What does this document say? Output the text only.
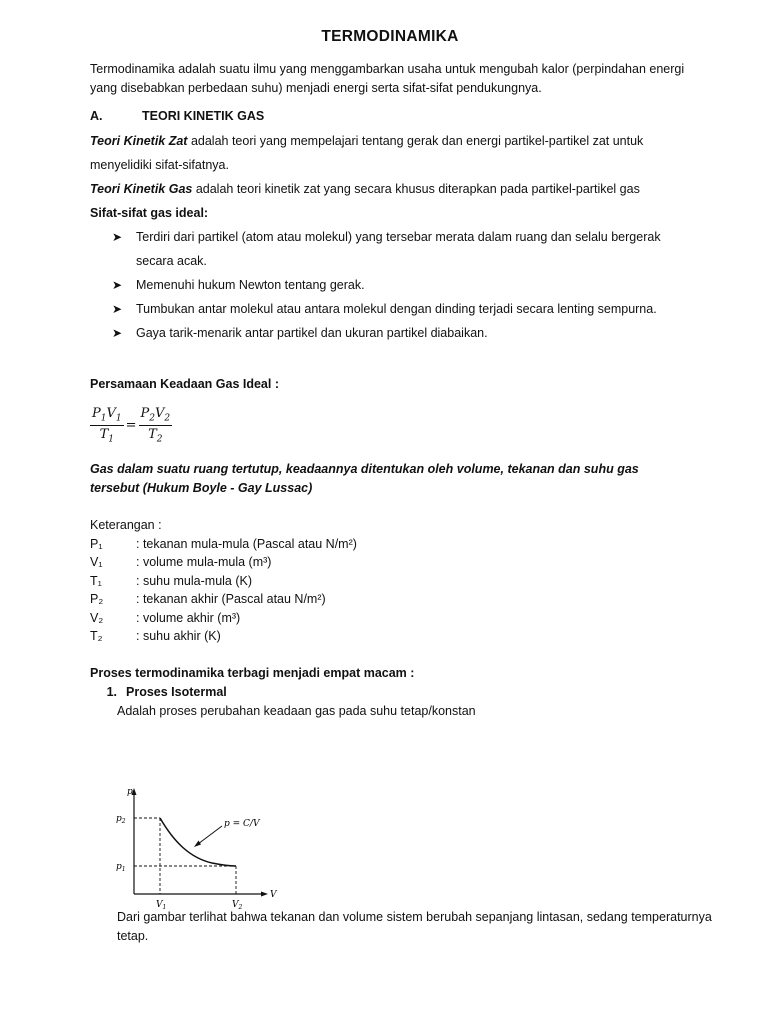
TERMODINAMIKA

Termodinamika adalah suatu ilmu yang menggambarkan usaha untuk mengubah kalor (perpindahan energi yang disebabkan perbedaan suhu) menjadi energi serta sifat-sifat pendukungnya.

A.	TEORI KINETIK GAS

Teori Kinetik Zat adalah teori yang mempelajari tentang gerak dan energi partikel-partikel zat untuk menyelidiki sifat-sifatnya.

Teori Kinetik Gas adalah teori kinetik zat yang secara khusus diterapkan pada partikel-partikel gas

Sifat-sifat gas ideal:

➤ Terdiri dari partikel (atom atau molekul) yang tersebar merata dalam ruang dan selalu bergerak secara acak.
➤ Memenuhi hukum Newton tentang gerak.
➤ Tumbukan antar molekul atau antara molekul dengan dinding terjadi secara lenting sempurna.
➤ Gaya tarik-menarik antar partikel dan ukuran partikel diabaikan.

Persamaan Keadaan Gas Ideal :

$\frac{P_1V_1}{T_1} = \frac{P_2V_2}{T_2}$

Gas dalam suatu ruang tertutup, keadaannya ditentukan oleh volume, tekanan dan suhu gas tersebut (Hukum Boyle - Gay Lussac)

Keterangan :

P₁	: tekanan mula-mula (Pascal atau N/m²)
V₁	: volume mula-mula (m³)
T₁	: suhu mula-mula (K)
P₂	: tekanan akhir (Pascal atau N/m²)
V₂	: volume akhir (m³)
T₂	: suhu akhir (K)

Proses termodinamika terbagi menjadi empat macam :

1. Proses Isotermal

Adalah proses perubahan keadaan gas pada suhu tetap/konstan

p
V
$p_2$
$p_1$
$V_1$	$V_2$
p = C/V

Dari gambar terlihat bahwa tekanan dan volume sistem berubah sepanjang lintasan, sedang temperaturnya tetap.
